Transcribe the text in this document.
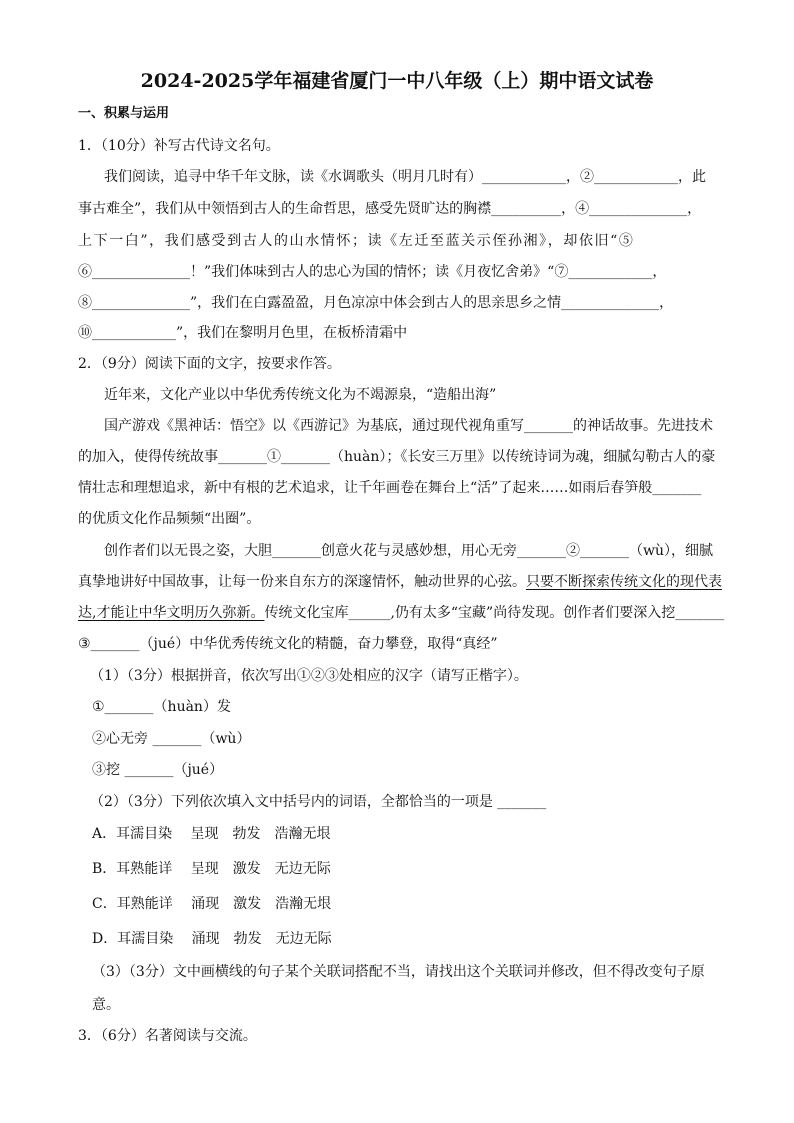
2024-2025学年福建省厦门一中八年级（上）期中语文试卷
一、积累与运用
1．（10分）补写古代诗文名句。
我们阅读，追寻中华千年文脉，读《水调歌头（明月几时有）____________，②____________，此
事古难全”，我们从中领悟到古人的生命哲思，感受先贤旷达的胸襟__________，④______________，
上下一白”，我们感受到古人的山水情怀；读《左迁至蓝关示侄孙湘》，却依旧“⑤
⑥______________！”我们体味到古人的忠心为国的情怀；读《月夜忆舍弟》“⑦____________，
⑧______________”，我们在白露盈盈，月色凉凉中体会到古人的思亲思乡之情______________，
⑩____________”，我们在黎明月色里，在板桥清霜中
2．（9分）阅读下面的文字，按要求作答。
近年来，文化产业以中华优秀传统文化为不竭源泉，“造船出海”
国产游戏《黑神话：悟空》以《西游记》为基底，通过现代视角重写_______的神话故事。先进技术
的加入，使得传统故事_______①_______（huàn）；《长安三万里》以传统诗词为魂，细腻勾勒古人的豪
情壮志和理想追求，新中有根的艺术追求，让千年画卷在舞台上“活”了起来……如雨后春笋般_______
的优质文化作品频频“出圈”。
创作者们以无畏之姿，大胆_______创意火花与灵感妙想，用心无旁_______②_______（wù），细腻
真挚地讲好中国故事，让每一份来自东方的深邃情怀，触动世界的心弦。只要不断探索传统文化的现代表
达,才能让中华文明历久弥新。传统文化宝库______,仍有太多“宝藏”尚待发现。创作者们要深入挖_______
③_______（jué）中华优秀传统文化的精髓，奋力攀登，取得“真经”
（1）（3分）根据拼音，依次写出①②③处相应的汉字（请写正楷字）。
①_______（huàn）发
②心无旁 _______（wù）
③挖 _______（jué）
（2）（3分）下列依次填入文中括号内的词语，全都恰当的一项是 _______
A．耳濡目染　 呈现　勃发　浩瀚无垠
B．耳熟能详　 呈现　激发　无边无际
C．耳熟能详　 涌现　激发　浩瀚无垠
D．耳濡目染　 涌现　勃发　无边无际
（3）（3分）文中画横线的句子某个关联词搭配不当，请找出这个关联词并修改，但不得改变句子原
意。
3．（6分）名著阅读与交流。
